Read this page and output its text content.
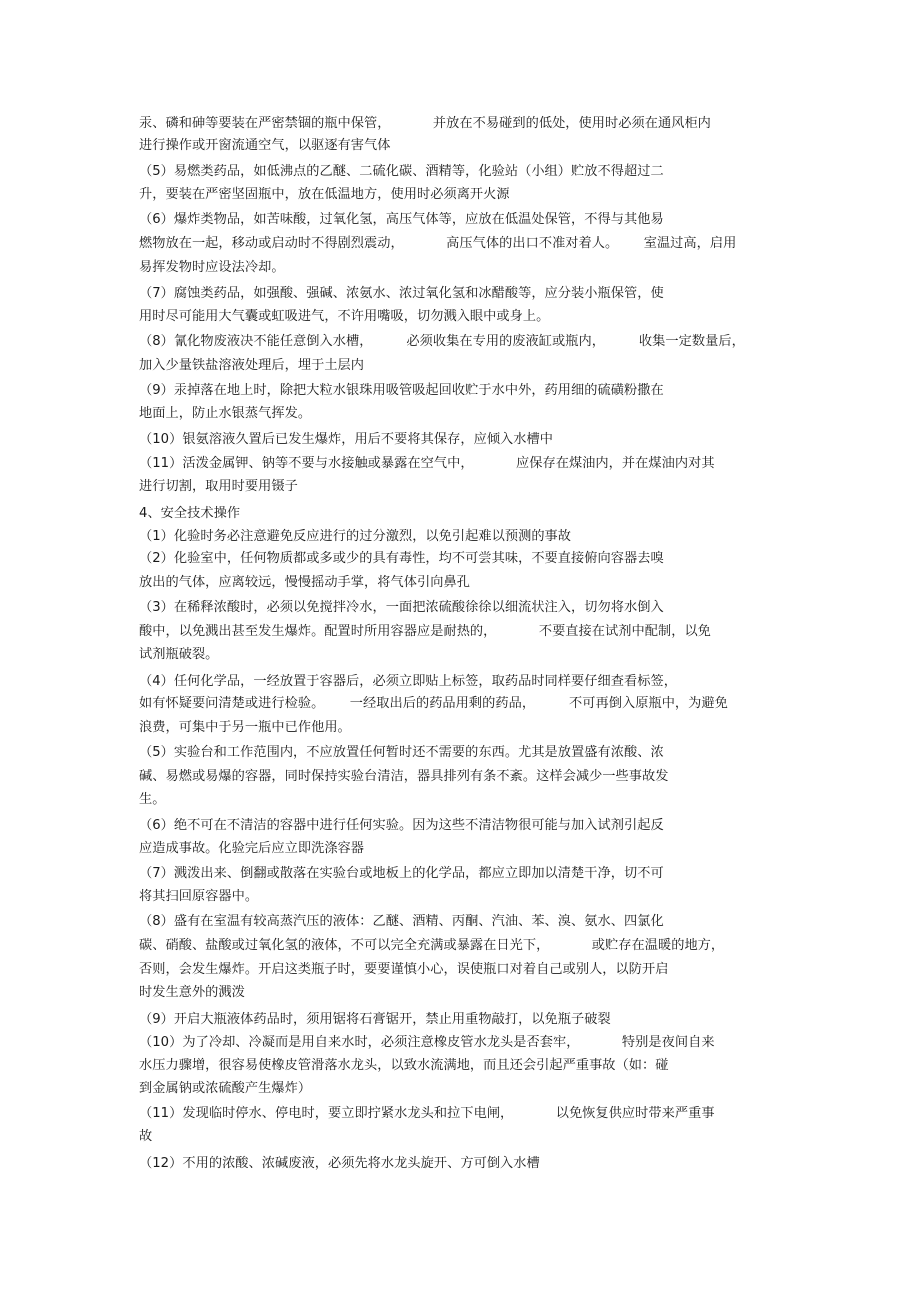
汞、磷和砷等要装在严密禁锢的瓶中保管，          并放在不易碰到的低处，使用时必须在通风柜内
进行操作或开窗流通空气，以驱逐有害气体
（5）易燃类药品，如低沸点的乙醚、二硫化碳、酒精等，化验站（小组）贮放不得超过二
升，要装在严密坚固瓶中，放在低温地方，使用时必须离开火源
（6）爆炸类物品，如苦味酸，过氧化氢，高压气体等，应放在低温处保管，不得与其他易
燃物放在一起，移动或启动时不得剧烈震动，          高压气体的出口不准对着人。      室温过高，启用
易挥发物时应设法冷却。
（7）腐蚀类药品，如强酸、强碱、浓氨水、浓过氧化氢和冰醋酸等，应分装小瓶保管，使
用时尽可能用大气囊或虹吸进气，不许用嘴吸，切勿溅入眼中或身上。
（8）氰化物废液决不能任意倒入水槽，        必须收集在专用的废液缸或瓶内，        收集一定数量后，
加入少量铁盐溶液处理后，埋于土层内
（9）汞掉落在地上时，除把大粒水银珠用吸管吸起回收贮于水中外，药用细的硫磺粉撒在
地面上，防止水银蒸气挥发。
（10）银氨溶液久置后已发生爆炸，用后不要将其保存，应倾入水槽中
（11）活泼金属钾、钠等不要与水接触或暴露在空气中，          应保存在煤油内，并在煤油内对其
进行切割，取用时要用镊子
4、安全技术操作
（1）化验时务必注意避免反应进行的过分激烈，以免引起难以预测的事故
（2）化验室中，任何物质都或多或少的具有毒性，均不可尝其味，不要直接俯向容器去嗅
放出的气体，应离较远，慢慢摇动手掌，将气体引向鼻孔
（3）在稀释浓酸时，必须以免搅拌冷水，一面把浓硫酸徐徐以细流状注入，切勿将水倒入
酸中，以免溅出甚至发生爆炸。配置时所用容器应是耐热的，          不要直接在试剂中配制，以免
试剂瓶破裂。
（4）任何化学品，一经放置于容器后，必须立即贴上标签，取药品时同样要仔细查看标签，
如有怀疑要问清楚或进行检验。      一经取出后的药品用剩的药品，        不可再倒入原瓶中，为避免
浪费，可集中于另一瓶中已作他用。
（5）实验台和工作范围内，不应放置任何暂时还不需要的东西。尤其是放置盛有浓酸、浓
碱、易燃或易爆的容器，同时保持实验台清洁，器具排列有条不紊。这样会减少一些事故发
生。
（6）绝不可在不清洁的容器中进行任何实验。因为这些不清洁物很可能与加入试剂引起反
应造成事故。化验完后应立即洗涤容器
（7）溅泼出来、倒翻或散落在实验台或地板上的化学品，都应立即加以清楚干净，切不可
将其扫回原容器中。
（8）盛有在室温有较高蒸汽压的液体：乙醚、酒精、丙酮、汽油、苯、溴、氨水、四氯化
碳、硝酸、盐酸或过氧化氢的液体，不可以完全充满或暴露在日光下，          或贮存在温暖的地方，
否则，会发生爆炸。开启这类瓶子时，要要谨慎小心，误使瓶口对着自己或别人，以防开启
时发生意外的溅泼
（9）开启大瓶液体药品时，须用锯将石膏锯开，禁止用重物敲打，以免瓶子破裂
（10）为了冷却、冷凝而是用自来水时，必须注意橡皮管水龙头是否套牢，          特别是夜间自来
水压力骤增，很容易使橡皮管滑落水龙头，以致水流满地，而且还会引起严重事故（如：碰
到金属钠或浓硫酸产生爆炸）
（11）发现临时停水、停电时，要立即拧紧水龙头和拉下电闸，          以免恢复供应时带来严重事
故
（12）不用的浓酸、浓碱废液，必须先将水龙头旋开、方可倒入水槽
